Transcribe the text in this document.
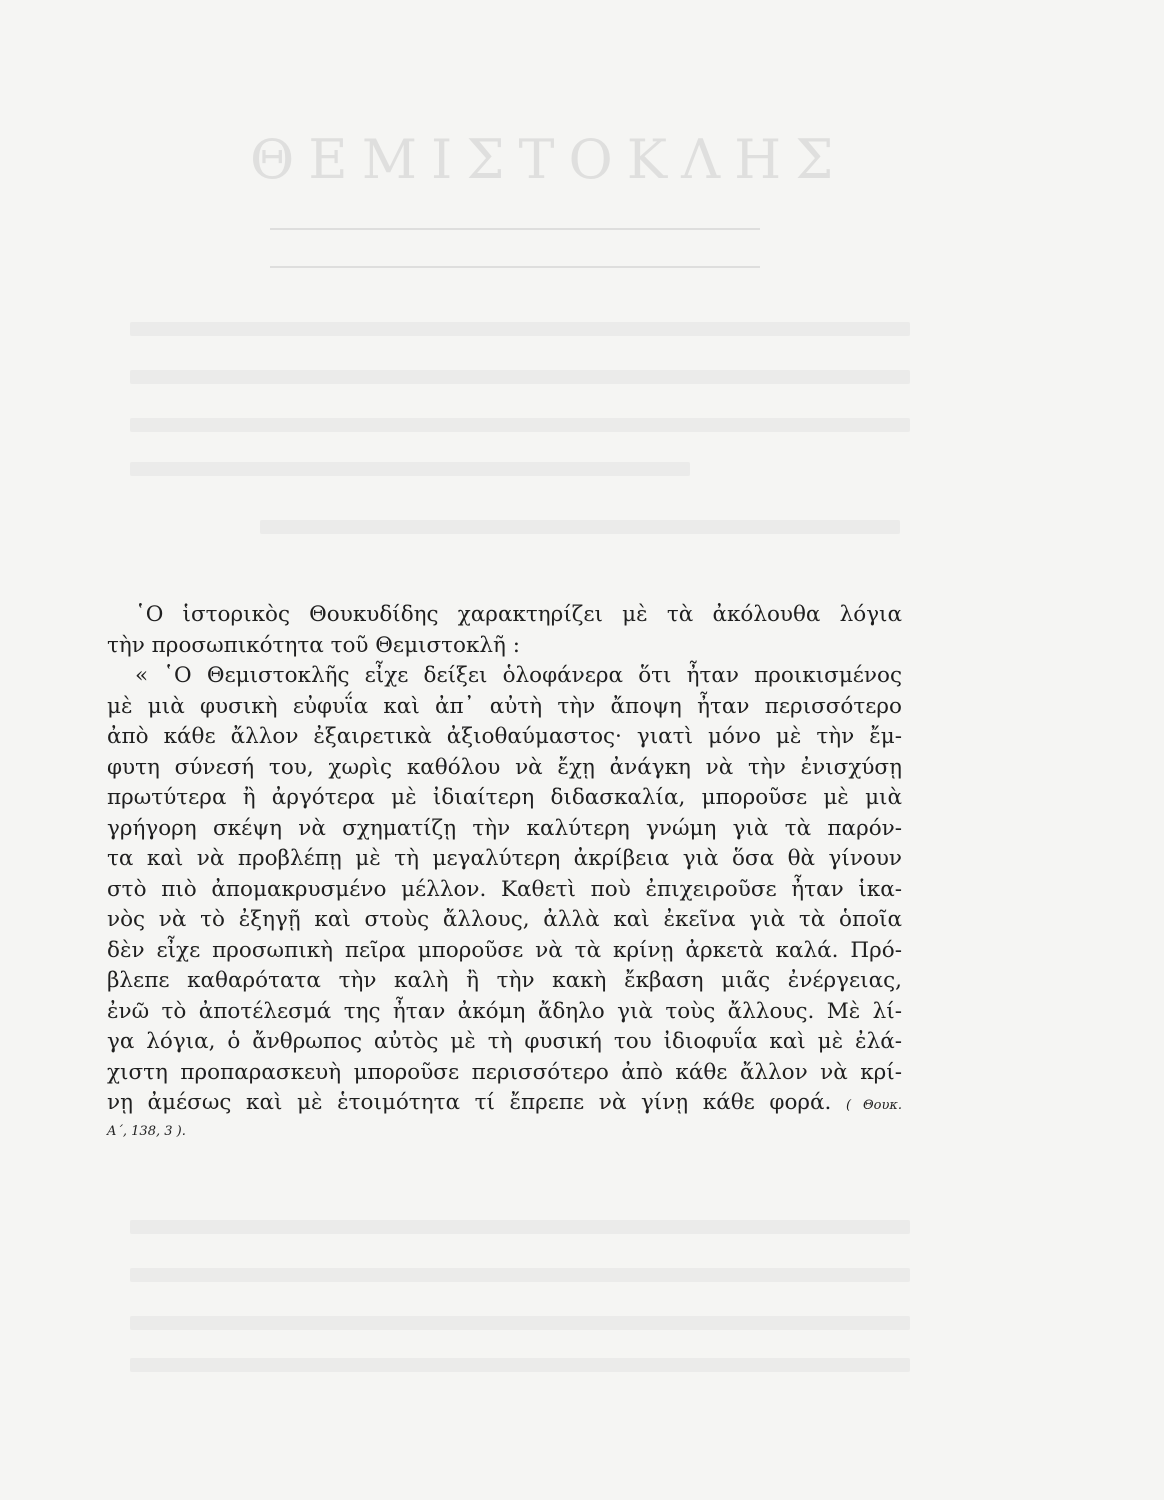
ΘΕΜΙΣΤΟΚΛΗΣ
῾Ο ἱστορικὸς Θουκυδίδης χαρακτηρίζει μὲ τὰ ἀκόλουθα λόγια
τὴν προσωπικότητα τοῦ Θεμιστοκλῆ :
« ῾Ο Θεμιστοκλῆς εἶχε δείξει ὁλοφάνερα ὅτι ἦταν προικισμένος
μὲ μιὰ φυσικὴ εὐφυΐα καὶ ἀπ᾽ αὐτὴ τὴν ἄποψη ἦταν περισσότερο
ἀπὸ κάθε ἄλλον ἐξαιρετικὰ ἀξιοθαύμαστος· γιατὶ μόνο μὲ τὴν ἔμ-
φυτη σύνεσή του, χωρὶς καθόλου νὰ ἔχῃ ἀνάγκη νὰ τὴν ἐνισχύσῃ
πρωτύτερα ἢ ἀργότερα μὲ ἰδιαίτερη διδασκαλία, μποροῦσε μὲ μιὰ
γρήγορη σκέψη νὰ σχηματίζῃ τὴν καλύτερη γνώμη γιὰ τὰ παρόν-
τα καὶ νὰ προβλέπῃ μὲ τὴ μεγαλύτερη ἀκρίβεια γιὰ ὅσα θὰ γίνουν
στὸ πιὸ ἀπομακρυσμένο μέλλον. Καθετὶ ποὺ ἐπιχειροῦσε ἦταν ἱκα-
νὸς νὰ τὸ ἐξηγῇ καὶ στοὺς ἄλλους, ἀλλὰ καὶ ἐκεῖνα γιὰ τὰ ὁποῖα
δὲν εἶχε προσωπικὴ πεῖρα μποροῦσε νὰ τὰ κρίνῃ ἀρκετὰ καλά. Πρό-
βλεπε καθαρότατα τὴν καλὴ ἢ τὴν κακὴ ἔκβαση μιᾶς ἐνέργειας,
ἐνῶ τὸ ἀποτέλεσμά της ἦταν ἀκόμη ἄδηλο γιὰ τοὺς ἄλλους. Μὲ λί-
γα λόγια, ὁ ἄνθρωπος αὐτὸς μὲ τὴ φυσική του ἰδιοφυΐα καὶ μὲ ἐλά-
χιστη προπαρασκευὴ μποροῦσε περισσότερο ἀπὸ κάθε ἄλλον νὰ κρί-
νῃ ἀμέσως καὶ μὲ ἑτοιμότητα τί ἔπρεπε νὰ γίνῃ κάθε φορά. ( Θουκ.
Α΄, 138, 3 ).
